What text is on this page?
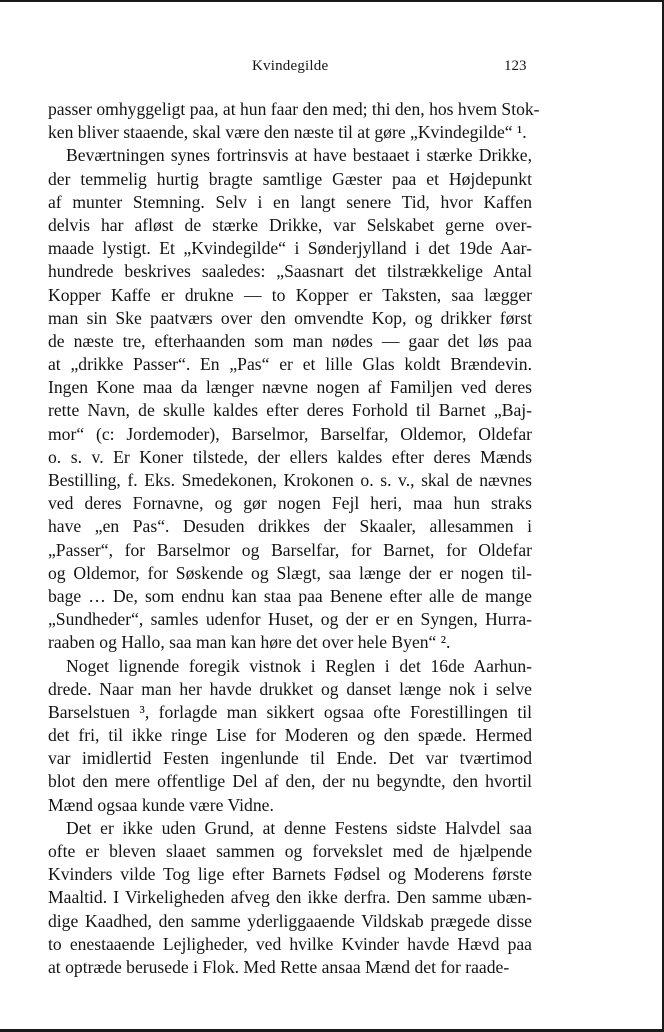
Kvindegilde	123
passer omhyggeligt paa, at hun faar den med; thi den, hos hvem Stok-
ken bliver staaende, skal være den næste til at gøre „Kvindegilde“ ¹.
Beværtningen synes fortrinsvis at have bestaaet i stærke Drikke,
der temmelig hurtig bragte samtlige Gæster paa et Højdepunkt
af munter Stemning. Selv i en langt senere Tid, hvor Kaffen
delvis har afløst de stærke Drikke, var Selskabet gerne over-
maade lystigt. Et „Kvindegilde“ i Sønderjylland i det 19de Aar-
hundrede beskrives saaledes: „Saasnart det tilstrækkelige Antal
Kopper Kaffe er drukne — to Kopper er Taksten, saa lægger
man sin Ske paatværs over den omvendte Kop, og drikker først
de næste tre, efterhaanden som man nødes — gaar det løs paa
at „drikke Passer“. En „Pas“ er et lille Glas koldt Brændevin.
Ingen Kone maa da længer nævne nogen af Familjen ved deres
rette Navn, de skulle kaldes efter deres Forhold til Barnet „Baj-
mor“ (c: Jordemoder), Barselmor, Barselfar, Oldemor, Oldefar
o. s. v. Er Koner tilstede, der ellers kaldes efter deres Mænds
Bestilling, f. Eks. Smedekonen, Krokonen o. s. v., skal de nævnes
ved deres Fornavne, og gør nogen Fejl heri, maa hun straks
have „en Pas“. Desuden drikkes der Skaaler, allesammen i
„Passer“, for Barselmor og Barselfar, for Barnet, for Oldefar
og Oldemor, for Søskende og Slægt, saa længe der er nogen til-
bage … De, som endnu kan staa paa Benene efter alle de mange
„Sundheder“, samles udenfor Huset, og der er en Syngen, Hurra-
raaben og Hallo, saa man kan høre det over hele Byen“ ².
Noget lignende foregik vistnok i Reglen i det 16de Aarhun-
drede. Naar man her havde drukket og danset længe nok i selve
Barselstuen ³, forlagde man sikkert ogsaa ofte Forestillingen til
det fri, til ikke ringe Lise for Moderen og den spæde. Hermed
var imidlertid Festen ingenlunde til Ende. Det var tværtimod
blot den mere offentlige Del af den, der nu begyndte, den hvortil
Mænd ogsaa kunde være Vidne.
Det er ikke uden Grund, at denne Festens sidste Halvdel saa
ofte er bleven slaaet sammen og forvekslet med de hjælpende
Kvinders vilde Tog lige efter Barnets Fødsel og Moderens første
Maaltid. I Virkeligheden afveg den ikke derfra. Den samme ubæn-
dige Kaadhed, den samme yderliggaaende Vildskab prægede disse
to enestaaende Lejligheder, ved hvilke Kvinder havde Hævd paa
at optræde berusede i Flok. Med Rette ansaa Mænd det for raade-
